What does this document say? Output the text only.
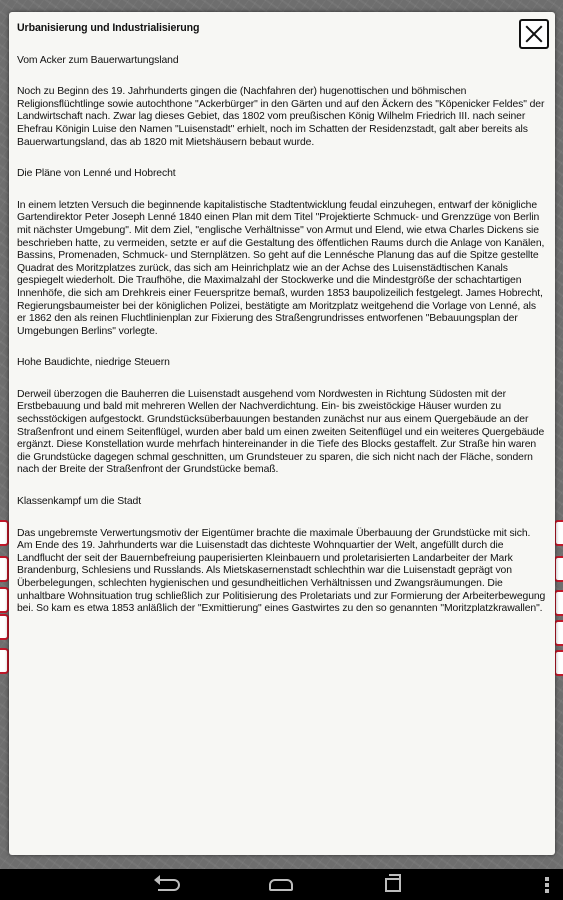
Urbanisierung und Industrialisierung
Vom Acker zum Bauerwartungsland
Noch zu Beginn des 19. Jahrhunderts gingen die (Nachfahren der) hugenottischen und böhmischen Religionsflüchtlinge sowie autochthone "Ackerbürger" in den Gärten und auf den Äckern des "Köpenicker Feldes" der Landwirtschaft nach. Zwar lag dieses Gebiet, das 1802 vom preußischen König Wilhelm Friedrich III. nach seiner Ehefrau Königin Luise den Namen "Luisenstadt" erhielt, noch im Schatten der Residenzstadt, galt aber bereits als Bauerwartungsland, das ab 1820 mit Mietshäusern bebaut wurde.
Die Pläne von Lenné und Hobrecht
In einem letzten Versuch die beginnende kapitalistische Stadtentwicklung feudal einzuhegen, entwarf der königliche Gartendirektor Peter Joseph Lenné 1840 einen Plan mit dem Titel "Projektierte Schmuck- und Grenzzüge von Berlin mit nächster Umgebung". Mit dem Ziel, "englische Verhältnisse" von Armut und Elend, wie etwa Charles Dickens sie beschrieben hatte, zu vermeiden, setzte er auf die Gestaltung des öffentlichen Raums durch die Anlage von Kanälen, Bassins, Promenaden, Schmuck- und Sternplätzen. So geht auf die Lennésche Planung das auf die Spitze gestellte Quadrat des Moritzplatzes zurück, das sich am Heinrichplatz wie an der Achse des Luisenstädtischen Kanals gespiegelt wiederholt. Die Traufhöhe, die Maximalzahl der Stockwerke und die Mindestgröße der schachtartigen Innenhöfe, die sich am Drehkreis einer Feuerspritze bemaß, wurden 1853 baupolizeilich festgelegt. James Hobrecht, Regierungsbaumeister bei der königlichen Polizei, bestätigte am Moritzplatz weitgehend die Vorlage von Lenné, als er 1862 den als reinen Fluchtlinienplan zur Fixierung des Straßengrundrisses entworfenen "Bebauungsplan der Umgebungen Berlins" vorlegte.
Hohe Baudichte, niedrige Steuern
Derweil überzogen die Bauherren die Luisenstadt ausgehend vom Nordwesten in Richtung Südosten mit der Erstbebauung und bald mit mehreren Wellen der Nachverdichtung. Ein- bis zweistöckige Häuser wurden zu sechsstöckigen aufgestockt. Grundstücksüberbauungen bestanden zunächst nur aus einem Quergebäude an der Straßenfront und einem Seitenflügel, wurden aber bald um einen zweiten Seitenflügel und ein weiteres Quergebäude ergänzt. Diese Konstellation wurde mehrfach hintereinander in die Tiefe des Blocks gestaffelt. Zur Straße hin waren die Grundstücke dagegen schmal geschnitten, um Grundsteuer zu sparen, die sich nicht nach der Fläche, sondern nach der Breite der Straßenfront der Grundstücke bemaß.
Klassenkampf um die Stadt
Das ungebremste Verwertungsmotiv der Eigentümer brachte die maximale Überbauung der Grundstücke mit sich. Am Ende des 19. Jahrhunderts war die Luisenstadt das dichteste Wohnquartier der Welt, angefüllt durch die Landflucht der seit der Bauernbefreiung pauperisierten Kleinbauern und proletarisierten Landarbeiter der Mark Brandenburg, Schlesiens und Russlands. Als Mietskasernenstadt schlechthin war die Luisenstadt geprägt von Überbelegungen, schlechten hygienischen und gesundheitlichen Verhältnissen und Zwangsräumungen. Die unhaltbare Wohnsituation trug schließlich zur Politisierung des Proletariats und zur Formierung der Arbeiterbewegung bei. So kam es etwa 1853 anläßlich der "Exmittierung" eines Gastwirtes zu den so genannten "Moritzplatzkrawallen".
